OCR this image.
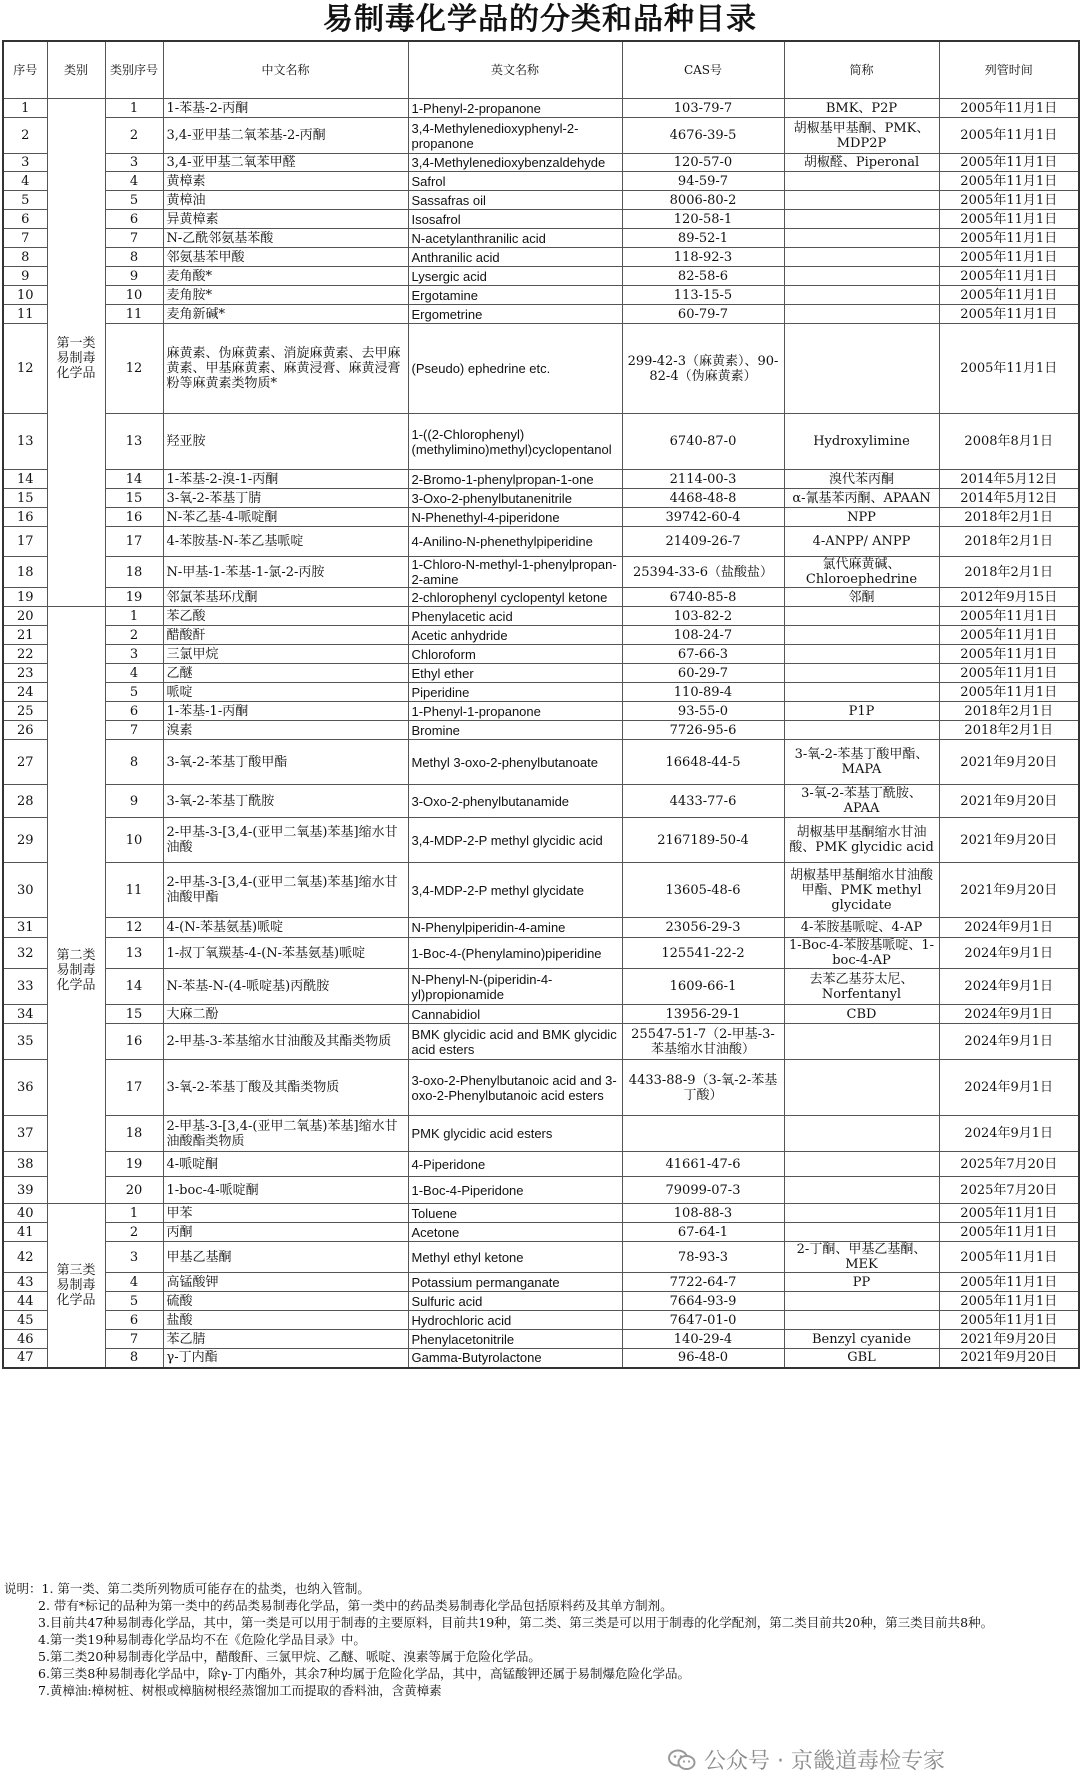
易制毒化学品的分类和品种目录
序号	类别	类别序号	中文名称	英文名称	CAS号	简称	列管时间
1	第一类易制毒化学品	1	1-苯基-2-丙酮	1-Phenyl-2-propanone	103-79-7	BMK、P2P	2005年11月1日
2		2	3,4-亚甲基二氧苯基-2-丙酮	3,4-Methylenedioxyphenyl-2-propanone	4676-39-5	胡椒基甲基酮、PMK、MDP2P	2005年11月1日
3		3	3,4-亚甲基二氧苯甲醛	3,4-Methylenedioxybenzaldehyde	120-57-0	胡椒醛、Piperonal	2005年11月1日
4		4	黄樟素	Safrol	94-59-7		2005年11月1日
5		5	黄樟油	Sassafras oil	8006-80-2		2005年11月1日
6		6	异黄樟素	Isosafrol	120-58-1		2005年11月1日
7		7	N-乙酰邻氨基苯酸	N-acetylanthranilic acid	89-52-1		2005年11月1日
8		8	邻氨基苯甲酸	Anthranilic acid	118-92-3		2005年11月1日
9		9	麦角酸*	Lysergic acid	82-58-6		2005年11月1日
10		10	麦角胺*	Ergotamine	113-15-5		2005年11月1日
11		11	麦角新碱*	Ergometrine	60-79-7		2005年11月1日
12		12	麻黄素、伪麻黄素、消旋麻黄素、去甲麻黄素、甲基麻黄素、麻黄浸膏、麻黄浸膏粉等麻黄素类物质*	(Pseudo) ephedrine etc.	299-42-3（麻黄素）、90-82-4（伪麻黄素）		2005年11月1日
13		13	羟亚胺	1-((2-Chlorophenyl)(methylimino)methyl)cyclopentanol	6740-87-0	Hydroxylimine	2008年8月1日
14		14	1-苯基-2-溴-1-丙酮	2-Bromo-1-phenylpropan-1-one	2114-00-3	溴代苯丙酮	2014年5月12日
15		15	3-氧-2-苯基丁腈	3-Oxo-2-phenylbutanenitrile	4468-48-8	α-氰基苯丙酮、APAAN	2014年5月12日
16		16	N-苯乙基-4-哌啶酮	N-Phenethyl-4-piperidone	39742-60-4	NPP	2018年2月1日
17		17	4-苯胺基-N-苯乙基哌啶	4-Anilino-N-phenethylpiperidine	21409-26-7	4-ANPP/ ANPP	2018年2月1日
18		18	N-甲基-1-苯基-1-氯-2-丙胺	1-Chloro-N-methyl-1-phenylpropan-2-amine	25394-33-6（盐酸盐）	氯代麻黄碱、Chloroephedrine	2018年2月1日
19		19	邻氯苯基环戊酮	2-chlorophenyl cyclopentyl ketone	6740-85-8	邻酮	2012年9月15日
20	第二类易制毒化学品	1	苯乙酸	Phenylacetic acid	103-82-2		2005年11月1日
21		2	醋酸酐	Acetic anhydride	108-24-7		2005年11月1日
22		3	三氯甲烷	Chloroform	67-66-3		2005年11月1日
23		4	乙醚	Ethyl ether	60-29-7		2005年11月1日
24		5	哌啶	Piperidine	110-89-4		2005年11月1日
25		6	1-苯基-1-丙酮	1-Phenyl-1-propanone	93-55-0	P1P	2018年2月1日
26		7	溴素	Bromine	7726-95-6		2018年2月1日
27		8	3-氧-2-苯基丁酸甲酯	Methyl 3-oxo-2-phenylbutanoate	16648-44-5	3-氧-2-苯基丁酸甲酯、MAPA	2021年9月20日
28		9	3-氧-2-苯基丁酰胺	3-Oxo-2-phenylbutanamide	4433-77-6	3-氧-2-苯基丁酰胺、APAA	2021年9月20日
29		10	2-甲基-3-[3,4-(亚甲二氧基)苯基]缩水甘油酸	3,4-MDP-2-P methyl glycidic acid	2167189-50-4	胡椒基甲基酮缩水甘油酸、PMK glycidic acid	2021年9月20日
30		11	2-甲基-3-[3,4-(亚甲二氧基)苯基]缩水甘油酸甲酯	3,4-MDP-2-P methyl glycidate	13605-48-6	胡椒基甲基酮缩水甘油酸甲酯、PMK methyl glycidate	2021年9月20日
31		12	4-(N-苯基氨基)哌啶	N-Phenylpiperidin-4-amine	23056-29-3	4-苯胺基哌啶、4-AP	2024年9月1日
32		13	1-叔丁氧羰基-4-(N-苯基氨基)哌啶	1-Boc-4-(Phenylamino)piperidine	125541-22-2	1-Boc-4-苯胺基哌啶、1-boc-4-AP	2024年9月1日
33		14	N-苯基-N-(4-哌啶基)丙酰胺	N-Phenyl-N-(piperidin-4-yl)propionamide	1609-66-1	去苯乙基芬太尼、Norfentanyl	2024年9月1日
34		15	大麻二酚	Cannabidiol	13956-29-1	CBD	2024年9月1日
35		16	2-甲基-3-苯基缩水甘油酸及其酯类物质	BMK glycidic acid and BMK glycidic acid esters	25547-51-7（2-甲基-3-苯基缩水甘油酸）		2024年9月1日
36		17	3-氧-2-苯基丁酸及其酯类物质	3-oxo-2-Phenylbutanoic acid and 3-oxo-2-Phenylbutanoic acid esters	4433-88-9（3-氧-2-苯基丁酸）		2024年9月1日
37		18	2-甲基-3-[3,4-(亚甲二氧基)苯基]缩水甘油酸酯类物质	PMK glycidic acid esters			2024年9月1日
38		19	4-哌啶酮	4-Piperidone	41661-47-6		2025年7月20日
39		20	1-boc-4-哌啶酮	1-Boc-4-Piperidone	79099-07-3		2025年7月20日
40	第三类易制毒化学品	1	甲苯	Toluene	108-88-3		2005年11月1日
41		2	丙酮	Acetone	67-64-1		2005年11月1日
42		3	甲基乙基酮	Methyl ethyl ketone	78-93-3	2-丁酮、甲基乙基酮、MEK	2005年11月1日
43		4	高锰酸钾	Potassium permanganate	7722-64-7	PP	2005年11月1日
44		5	硫酸	Sulfuric acid	7664-93-9		2005年11月1日
45		6	盐酸	Hydrochloric acid	7647-01-0		2005年11月1日
46		7	苯乙腈	Phenylacetonitrile	140-29-4	Benzyl cyanide	2021年9月20日
47		8	γ-丁内酯	Gamma-Butyrolactone	96-48-0	GBL	2021年9月20日
说明：1. 第一类、第二类所列物质可能存在的盐类，也纳入管制。
2. 带有*标记的品种为第一类中的药品类易制毒化学品，第一类中的药品类易制毒化学品包括原料药及其单方制剂。
3.目前共47种易制毒化学品，其中，第一类是可以用于制毒的主要原料，目前共19种，第二类、第三类是可以用于制毒的化学配剂，第二类目前共20种，第三类目前共8种。
4.第一类19种易制毒化学品均不在《危险化学品目录》中。
5.第二类20种易制毒化学品中，醋酸酐、三氯甲烷、乙醚、哌啶、溴素等属于危险化学品。
6.第三类8种易制毒化学品中，除γ-丁内酯外，其余7种均属于危险化学品，其中，高锰酸钾还属于易制爆危险化学品。
7.黄樟油:樟树桩、树根或樟脑树根经蒸馏加工而提取的香料油，含黄樟素
公众号 · 京畿道毒检专家
